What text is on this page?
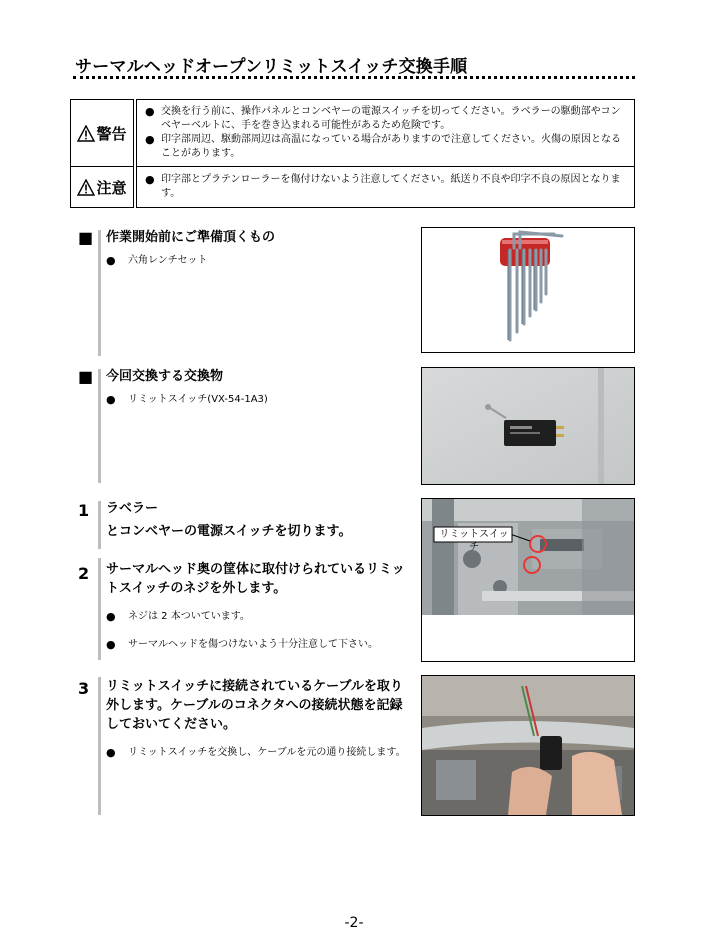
サーマルヘッドオープンリミットスイッチ交換手順
警告	● 交換を行う前に、操作パネルとコンベヤーの電源スイッチを切ってください。ラベラーの駆動部やコンベヤーベルトに、手を巻き込まれる可能性があるため危険です。
● 印字部周辺、駆動部周辺は高温になっている場合がありますので注意してください。火傷の原因となることがあります。

注意	● 印字部とプラテンローラーを傷付けないよう注意してください。紙送り不良や印字不良の原因となります。
■ 作業開始前にご準備頂くもの
●	六角レンチセット
■ 今回交換する交換物
●	リミットスイッチ(VX-54-1A3)
1 ラベラー
とコンベヤーの電源スイッチを切ります。
2 サーマルヘッド奥の筐体に取付けられているリミットスイッチのネジを外します。
●	ネジは 2 本ついています。
●	サーマルヘッドを傷つけないよう十分注意して下さい。
3 リミットスイッチに接続されているケーブルを取り外します。ケーブルのコネクタへの接続状態を記録しておいてください。
●	リミットスイッチを交換し、ケーブルを元の通り接続します。
リミットスイッチ
-2-
